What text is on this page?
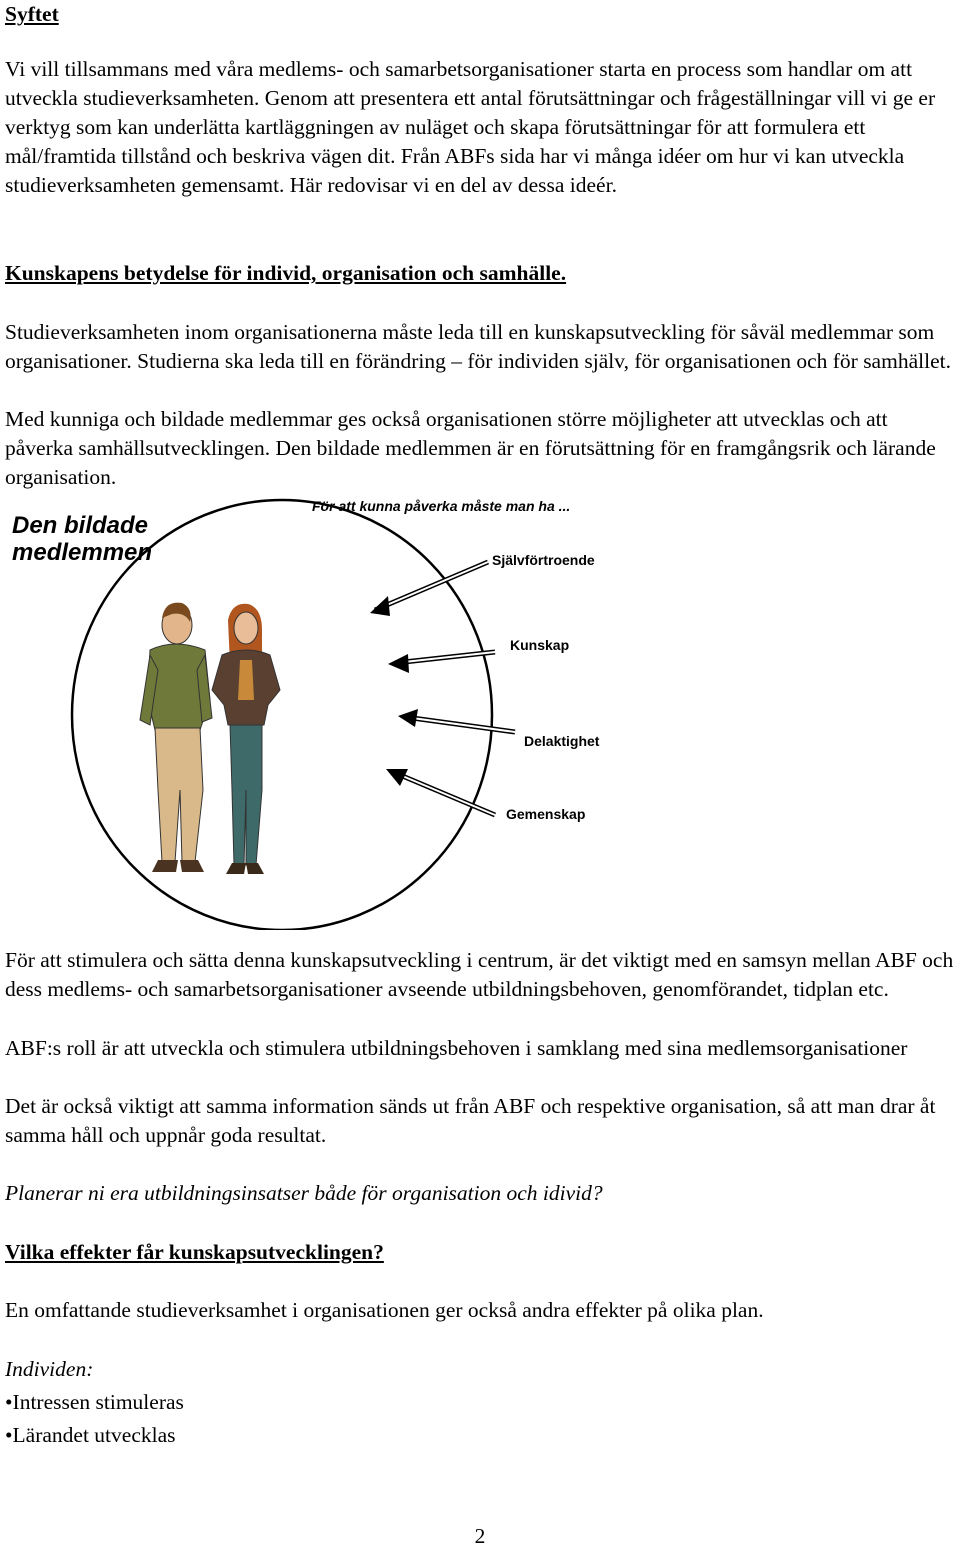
Syftet

Vi vill tillsammans med våra medlems- och samarbetsorganisationer starta en process som handlar om att utveckla studieverksamheten. Genom att presentera ett antal förutsättningar och frågeställningar vill vi ge er verktyg som kan underlätta kartläggningen av nuläget och skapa förutsättningar för att formulera ett mål/framtida tillstånd och beskriva vägen dit. Från ABFs sida har vi många idéer om hur vi kan utveckla studieverksamheten gemensamt. Här redovisar vi en del av dessa ideér.

Kunskapens betydelse för individ, organisation och samhälle.

Studieverksamheten inom organisationerna måste leda till en kunskapsutveckling för såväl medlemmar som organisationer. Studierna ska leda till en förändring – för individen själv, för organisationen och för samhället.

Med kunniga och bildade medlemmar ges också organisationen större möjligheter att utvecklas och att påverka samhällsutvecklingen. Den bildade medlemmen är en förutsättning för en framgångsrik och lärande organisation.

Den bildade medlemmen
För att kunna påverka måste man ha ...
Självförtroende
Kunskap
Delaktighet
Gemenskap

För att stimulera och sätta denna kunskapsutveckling i centrum, är det viktigt med en samsyn mellan ABF och dess medlems- och samarbetsorganisationer avseende utbildningsbehoven, genomförandet, tidplan etc.

ABF:s roll är att utveckla och stimulera utbildningsbehoven i samklang med sina medlemsorganisationer

Det är också viktigt att samma information sänds ut från ABF och respektive organisation, så att man drar åt samma håll och uppnår goda resultat.

Planerar ni era utbildningsinsatser både för organisation och idivid?

Vilka effekter får kunskapsutvecklingen?

En omfattande studieverksamhet i organisationen ger också andra effekter på olika plan.

Individen:

• Intressen stimuleras
• Lärandet utvecklas
2
